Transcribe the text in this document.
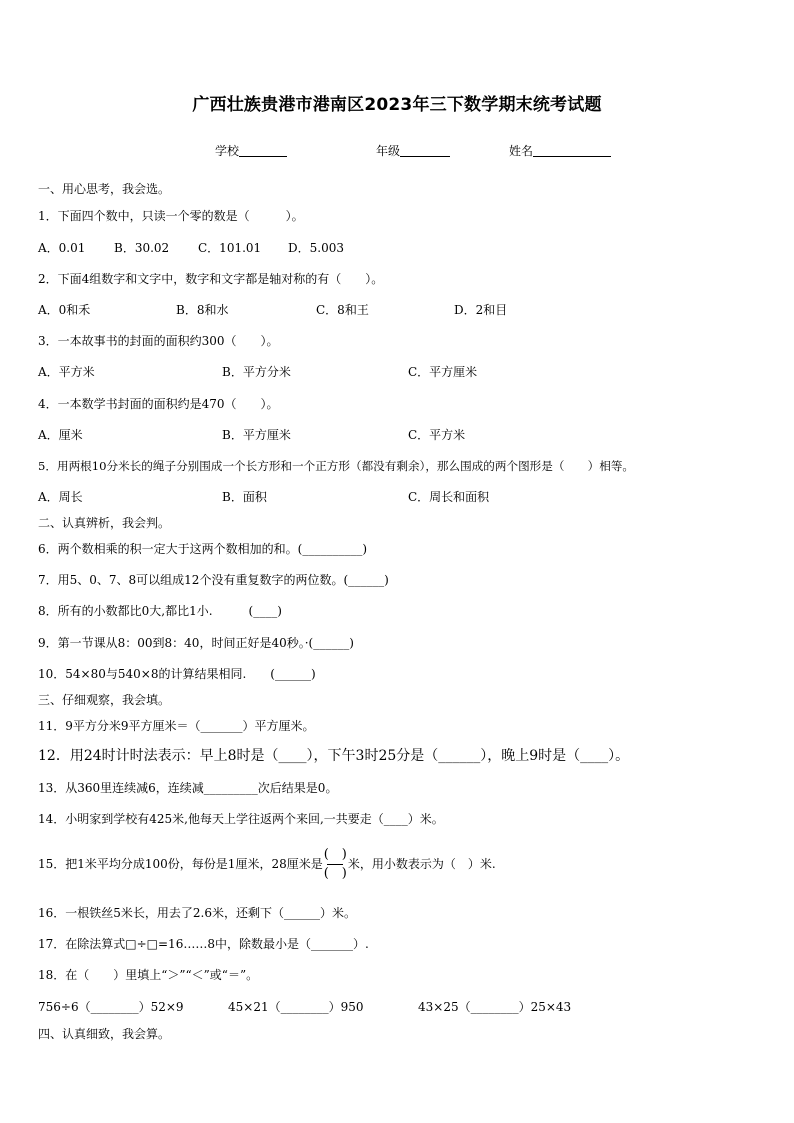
广西壮族贵港市港南区2023年三下数学期末统考试题
学校	年级	姓名
一、用心思考，我会选。
1．下面四个数中，只读一个零的数是（　　　）。
A．0.01 B．30.02 C．101.01 D．5.003
2．下面4组数字和文字中，数字和文字都是轴对称的有（　　）。
A．0和禾	B．8和水	C．8和王	D．2和目
3．一本故事书的封面的面积约300（　　）。
A．平方米	B．平方分米	C．平方厘米
4．一本数学书封面的面积约是470（　　）。
A．厘米	B．平方厘米	C．平方米
5．用两根10分米长的绳子分别围成一个长方形和一个正方形（都没有剩余），那么围成的两个图形是（　　）相等。
A．周长	B．面积	C．周长和面积
二、认真辨析，我会判。
6．两个数相乘的积一定大于这两个数相加的和。(__________)
7．用5、0、7、8可以组成12个没有重复数字的两位数。(______)
8．所有的小数都比0大,都比1小.　　　(____)
9．第一节课从8：00到8：40，时间正好是40秒。·(______)
10．54×80与540×8的计算结果相同.　　(______)
三、仔细观察，我会填。
11．9平方分米9平方厘米＝（_______）平方厘米。
12．用24时计时法表示：早上8时是（____），下午3时25分是（______），晚上9时是（____）。
13．从360里连续减6，连续减_________次后结果是0。
14．小明家到学校有425米,他每天上学往返两个来回,一共要走（____）米。
15．把1米平均分成100份，每份是1厘米，28厘米是 $\frac{( )}{( )}$ 米，用小数表示为（　）米.
16．一根铁丝5米长，用去了2.6米，还剩下（______）米。
17．在除法算式□÷□=16……8中，除数最小是（_______）.
18．在（　　）里填上“＞”“＜”或“＝”。
756÷6（________）52×9	45×21（________）950	43×25（________）25×43
四、认真细致，我会算。
